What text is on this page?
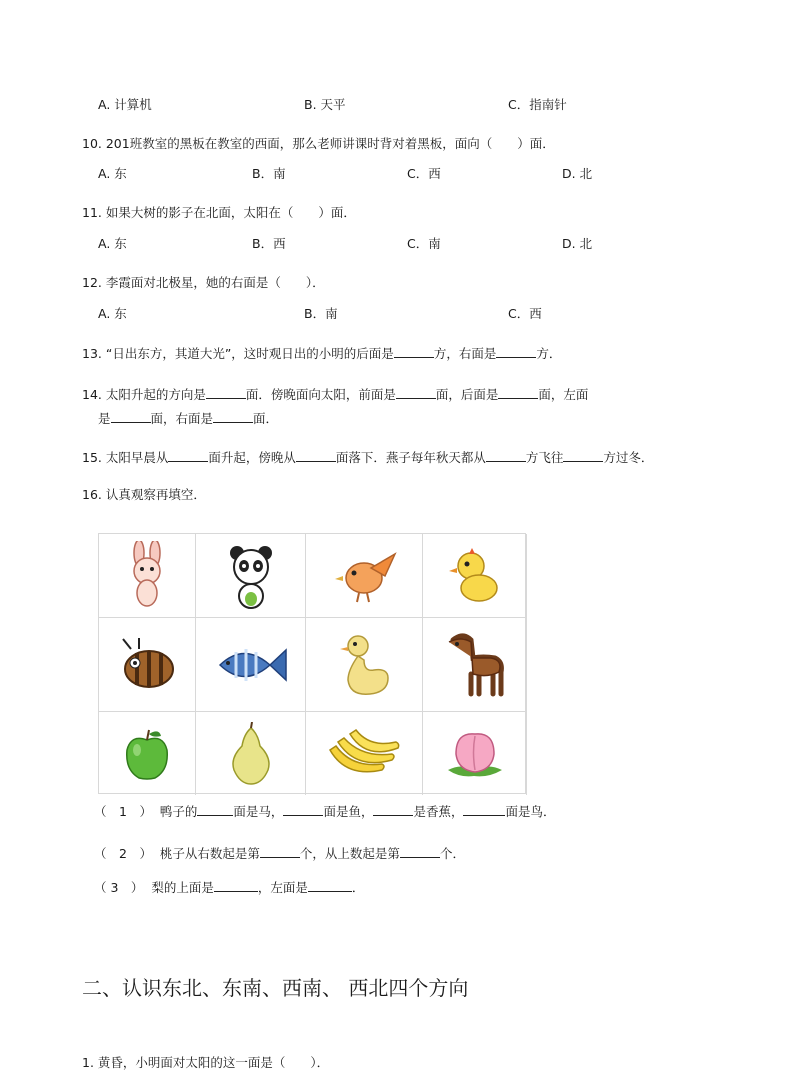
A. 计算机	B. 天平	C．指南针
10. 201班教室的黑板在教室的西面，那么老师讲课时背对着黑板，面向（　　）面．
A. 东	B．南	C．西	D. 北
11. 如果大树的影子在北面，太阳在（　　）面．
A. 东	B．西	C．南	D. 北
12. 李霞面对北极星，她的右面是（　　）．
A. 东	B．南	C．西
13. “日出东方，其道大光”，这时观日出的小明的后面是	方，右面是	方．
14. 太阳升起的方向是	面．傍晚面向太阳，前面是	面，后面是	面，左面
是	面，右面是	面．
15. 太阳早晨从	面升起，傍晚从	面落下．燕子每年秋天都从	方飞往	方过冬．
16. 认真观察再填空．
（　1　） 鸭子的	面是马，	面是鱼，	是香蕉，	面是鸟．
（　2　） 桃子从右数起是第	个，从上数起是第	个．
（ 3　） 梨的上面是	，左面是	．
二、认识东北、东南、西南、 西北四个方向
1. 黄昏，小明面对太阳的这一面是（　　）．
